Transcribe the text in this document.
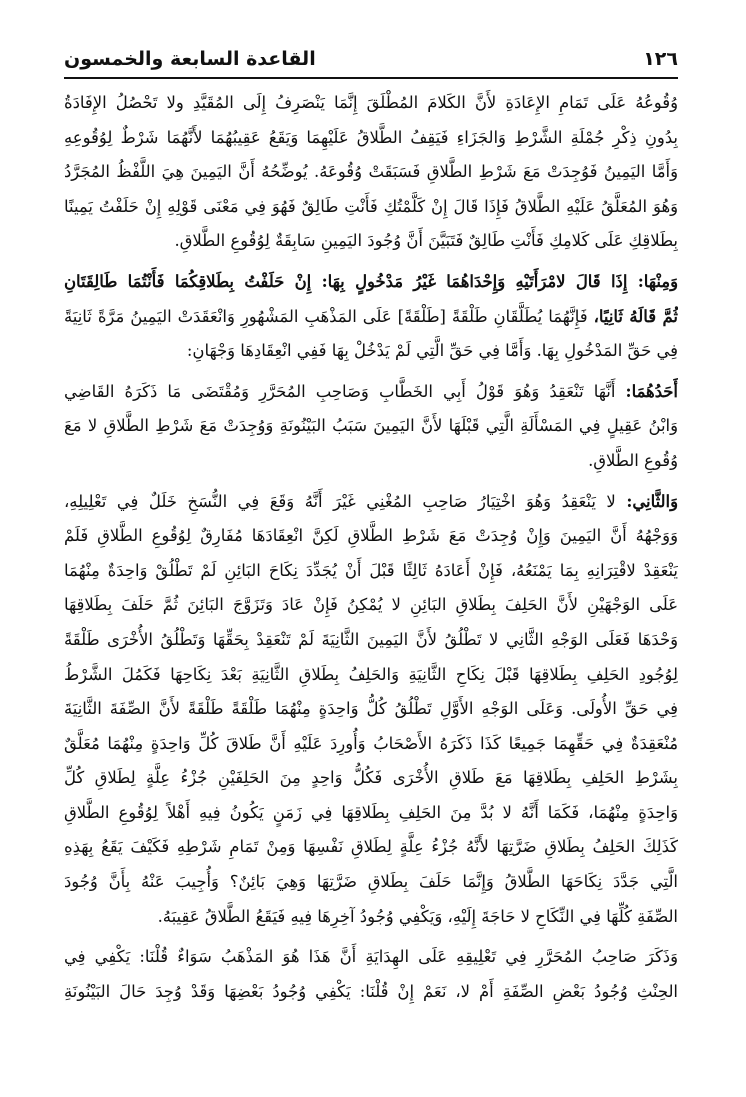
١٢٦
القاعدة السابعة والخمسون

وُقُوعُهُ عَلَى تَمَامِ الإِعَادَةِ لأَنَّ الكَلامَ المُطْلَقَ إِنَّمَا يَنْصَرِفُ إِلَى المُقَيَّدِ ولا تَحْصُلُ الإِفَادَةُ
بِدُونِ ذِكْرِ جُمْلَةِ الشَّرْطِ وَالجَزَاءِ فَيَقِفُ الطَّلاقُ عَلَيْهِمَا وَيَقَعُ عَقِيبُهُمَا لأَنَّهُمَا شَرْطٌ لِوُقُوعِهِ
وَأَمَّا اليَمِينُ فَوُجِدَتْ مَعَ شَرْطِ الطَّلاقِ فَسَبَقَتْ وُقُوعَهُ. يُوضِّحُهُ أَنَّ اليَمِينَ هِيَ اللَّفْظُ المُجَرَّدُ
وَهُوَ المُعَلَّقُ عَلَيْهِ الطَّلاقُ فَإِذَا قَالَ إِنْ كَلَّمْتُكِ فَأَنْتِ طَالِقٌ فَهُوَ فِي مَعْنَى قَوْلِهِ إِنْ حَلَفْتُ يَمِينًا
بِطَلاقِكِ عَلَى كَلامِكِ فَأَنْتِ طَالِقٌ فَتَبَيَّنَ أَنَّ وُجُودَ اليَمِينِ سَابِقَةٌ لِوُقُوعِ الطَّلاقِ.

وَمِنْهَا: إِذَا قَالَ لامْرَأَتَيْهِ وَإِحْدَاهُمَا غَيْرُ مَدْخُولٍ بِهَا: إِنْ حَلَفْتُ بِطَلاقِكُمَا فَأَنْتُمَا طَالِقَتَانِ
ثُمَّ قَالَهُ ثَانِيًا، فَإِنَّهُمَا يُطَلَّقَانِ طَلْقَةً [طَلْقَةً] عَلَى المَذْهَبِ المَشْهُورِ وَانْعَقَدَتْ اليَمِينُ مَرَّةً ثَانِيَةً
فِي حَقِّ المَدْخُولِ بِهَا. وَأَمَّا فِي حَقِّ الَّتِي لَمْ يَدْخُلْ بِهَا فَفِي انْعِقَادِهَا وَجْهَانِ:

أَحَدُهُمَا: أَنَّهَا تَنْعَقِدُ وَهُوَ قَوْلُ أَبِي الخَطَّابِ وَصَاحِبِ المُحَرَّرِ وَمُقْتَضَى مَا ذَكَرَهُ القَاضِي
وَابْنُ عَقِيلٍ فِي المَسْأَلَةِ الَّتِي قَبْلَهَا لأَنَّ اليَمِينَ سَبَبُ البَيْنُونَةِ وَوُجِدَتْ مَعَ شَرْطِ الطَّلاقِ لا مَعَ
وُقُوعِ الطَّلاقِ.

وَالثَّانِي: لا يَنْعَقِدُ وَهُوَ اخْتِيَارُ صَاحِبِ المُغْنِي غَيْرَ أَنَّهُ وَقَعَ فِي النُّسَخِ خَلَلٌ فِي تَعْلِيلِهِ،
وَوَجْهُهُ أَنَّ اليَمِينَ وَإِنْ وُجِدَتْ مَعَ شَرْطِ الطَّلاقِ لَكِنَّ انْعِقَادَهَا مُفَارِقٌ لِوُقُوعِ الطَّلاقِ فَلَمْ
يَنْعَقِدْ لاقْتِرَانِهِ بِمَا يَمْنَعُهُ، فَإِنْ أَعَادَهُ ثَالِثًا قَبْلَ أَنْ يُجَدِّدَ نِكَاحَ البَائِنِ لَمْ تَطْلُقْ وَاحِدَةٌ مِنْهُمَا
عَلَى الوَجْهَيْنِ لأَنَّ الحَلِفَ بِطَلاقِ البَائِنِ لا يُمْكِنُ فَإِنْ عَادَ وَتَزَوَّجَ البَائِنَ ثُمَّ حَلَفَ بِطَلاقِهَا
وَحْدَهَا فَعَلَى الوَجْهِ الثَّانِي لا تَطْلُقُ لأَنَّ اليَمِينَ الثَّانِيَةَ لَمْ تَنْعَقِدْ بِحَقِّهَا وَتَطْلُقُ الأُخْرَى طَلْقَةً
لِوُجُودِ الحَلِفِ بِطَلاقِهَا قَبْلَ نِكَاحِ الثَّانِيَةِ وَالحَلِفُ بِطَلاقِ الثَّانِيَةِ بَعْدَ نِكَاحِهَا فَكَمُلَ الشَّرْطُ
فِي حَقِّ الأُولَى. وَعَلَى الوَجْهِ الأَوَّلِ تَطْلُقُ كُلُّ وَاحِدَةٍ مِنْهُمَا طَلْقَةً طَلْقَةً لأَنَّ الصِّفَةَ الثَّانِيَةَ
مُنْعَقِدَةٌ فِي حَقِّهِمَا جَمِيعًا كَذَا ذَكَرَهُ الأَصْحَابُ وَأُورِدَ عَلَيْهِ أَنَّ طَلاقَ كُلِّ وَاحِدَةٍ مِنْهُمَا مُعَلَّقٌ
بِشَرْطِ الحَلِفِ بِطَلاقِهَا مَعَ طَلاقِ الأُخْرَى فَكُلُّ وَاحِدٍ مِنَ الحَلِفَيْنِ جُزْءُ عِلَّةٍ لِطَلاقِ كُلِّ
وَاحِدَةٍ مِنْهُمَا، فَكَمَا أَنَّهُ لا بُدَّ مِنَ الحَلِفِ بِطَلاقِهَا فِي زَمَنٍ يَكُونُ فِيهِ أَهْلاً لِوُقُوعِ الطَّلاقِ
كَذَلِكَ الحَلِفُ بِطَلاقِ ضَرَّتِهَا لأَنَّهُ جُزْءُ عِلَّةٍ لِطَلاقِ نَفْسِهَا وَمِنْ تَمَامِ شَرْطِهِ فَكَيْفَ يَقَعُ بِهَذِهِ
الَّتِي جَدَّدَ نِكَاحَهَا الطَّلاقُ وَإِنَّمَا حَلَفَ بِطَلاقِ ضَرَّتِهَا وَهِيَ بَائِنٌ؟ وَأُجِيبَ عَنْهُ بِأَنَّ وُجُودَ
الصِّفَةِ كُلِّهَا فِي النِّكَاحِ لا حَاجَةَ إِلَيْهِ، وَيَكْفِي وُجُودُ آخِرِهَا فِيهِ فَيَقَعُ الطَّلاقُ عَقِيبَهُ.

وَذَكَرَ صَاحِبُ المُحَرَّرِ فِي تَعْلِيقِهِ عَلَى الهِدَايَةِ أَنَّ هَذَا هُوَ المَذْهَبُ سَوَاءٌ قُلْنَا: يَكْفِي فِي
الحِنْثِ وُجُودُ بَعْضِ الصِّفَةِ أَمْ لا، نَعَمْ إِنْ قُلْنَا: يَكْفِي وُجُودُ بَعْضِهَا وَقَدْ وُجِدَ حَالَ البَيْنُونَةِ
